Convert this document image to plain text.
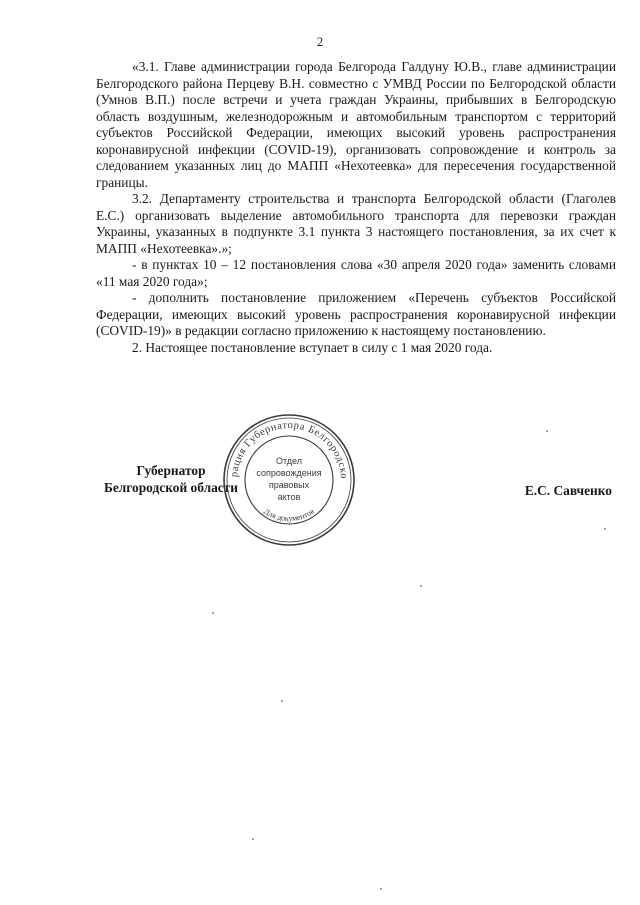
2

«3.1. Главе администрации города Белгорода Галдуну Ю.В., главе администрации Белгородского района Перцеву В.Н. совместно с УМВД России по Белгородской области (Умнов В.П.) после встречи и учета граждан Украины, прибывших в Белгородскую область воздушным, железнодорожным и автомобильным транспортом с территорий субъектов Российской Федерации, имеющих высокий уровень распространения коронавирусной инфекции (COVID-19), организовать сопровождение и контроль за следованием указанных лиц до МАПП «Нехотеевка» для пересечения государственной границы.

3.2. Департаменту строительства и транспорта Белгородской области (Глаголев Е.С.) организовать выделение автомобильного транспорта для перевозки граждан Украины, указанных в подпункте 3.1 пункта 3 настоящего постановления, за их счет к МАПП «Нехотеевка».»;

- в пунктах 10 – 12 постановления слова «30 апреля 2020 года» заменить словами «11 мая 2020 года»;

- дополнить постановление приложением «Перечень субъектов Российской Федерации, имеющих высокий уровень распространения коронавирусной инфекции (COVID-19)» в редакции согласно приложению к настоящему постановлению.

2. Настоящее постановление вступает в силу с 1 мая 2020 года.

Губернатор
Белгородской области	Е.С. Савченко
рация Губернатора Белгородско
Для документов
Отдел
сопровождения
правовых
актов
